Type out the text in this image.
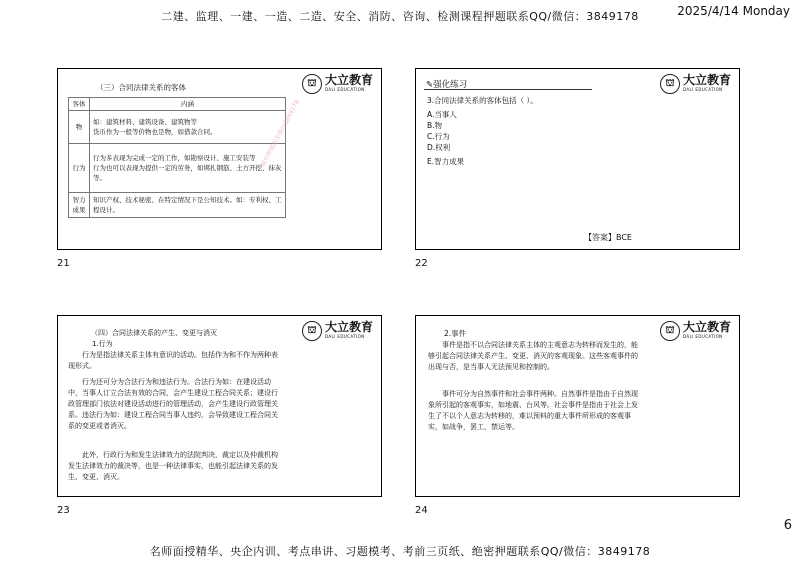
二建、监理、一建、一造、二造、安全、消防、咨询、检测课程押题联系QQ/微信：3849178	2025/4/14 Monday
⛫ 大立教育
DALI EDUCATION
（三）合同法律关系的客体
客体	内涵
物	如：建筑材料、建筑设备、建筑物等
货币作为一般等价物也是物，如借款合同。
行为	行为多表现为完成一定的工作，如勘察设计、施工安装等
行为也可以表现为提供一定的劳务，如绑扎钢筋、土方开挖、抹灰等。
智力成果	知识产权、技术秘密、在特定情况下是公知技术。如：专利权、工程设计。
精华押题联系微信3849178
21
⛫ 大立教育
DALI EDUCATION
✎强化练习
3.合同法律关系的客体包括（ ）。
A.当事人
B.物
C.行为
D.权利
E.智力成果
【答案】BCE
22
⛫ 大立教育
DALI EDUCATION
（四）合同法律关系的产生、变更与消灭
1.行为
行为是指法律关系主体有意识的活动。包括作为和不作为两种表现形式。
行为还可分为合法行为和违法行为。合法行为如：在建设活动中，当事人订立合法有效的合同，会产生建设工程合同关系；建设行政管理部门依法对建设活动进行的管理活动，会产生建设行政管理关系。违法行为如：建设工程合同当事人违约，会导致建设工程合同关系的变更或者消灭。
此外，行政行为和发生法律效力的法院判决，裁定以及仲裁机构发生法律效力的裁决等，也是一种法律事实，也能引起法律关系的发生、变更、消灭。
23
⛫ 大立教育
DALI EDUCATION
2.事件
事件是指不以合同法律关系主体的主观意志为转移而发生的，能够引起合同法律关系产生、变更、消灭的客观现象。这些客观事件的出现与否，是当事人无法预见和控制的。
事件可分为自然事件和社会事件两种。自然事件是指由于自然现象所引起的客观事实，如地震、台风等。社会事件是指由于社会上发生了不以个人意志为转移的，难以预料的重大事件所形成的客观事实，如战争，罢工，禁运等。
24
6
名师面授精华、央企内训、考点串讲、习题模考、考前三页纸、绝密押题联系QQ/微信：3849178
